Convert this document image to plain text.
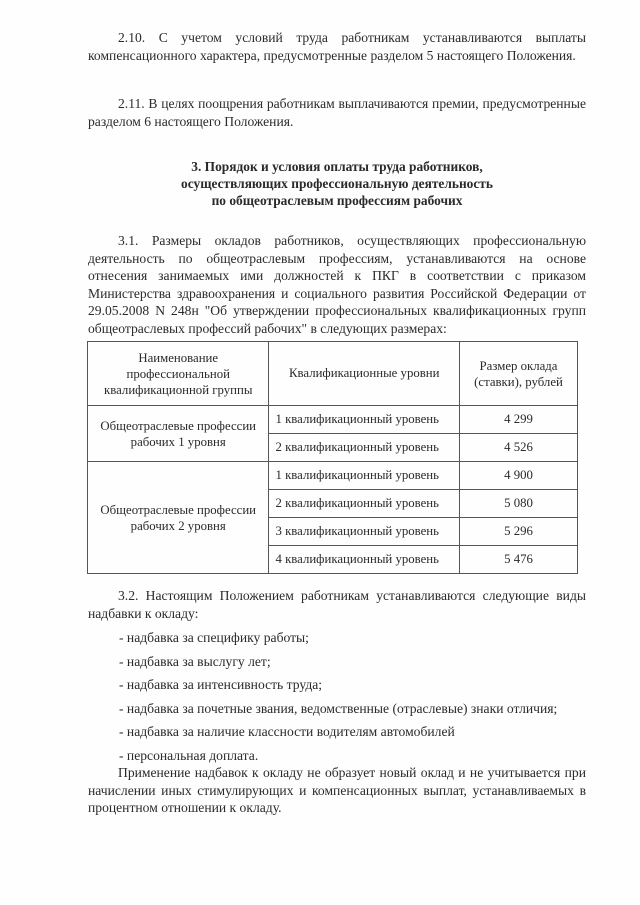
2.10. С учетом условий труда работникам устанавливаются выплаты компенсационного характера, предусмотренные разделом 5 настоящего Положения.

2.11. В целях поощрения работникам выплачиваются премии, предусмотренные разделом 6 настоящего Положения.

3. Порядок и условия оплаты труда работников,
осуществляющих профессиональную деятельность
по общеотраслевым профессиям рабочих

3.1. Размеры окладов работников, осуществляющих профессиональную деятельность по общеотраслевым профессиям, устанавливаются на основе отнесения занимаемых ими должностей к ПКГ в соответствии с приказом Министерства здравоохранения и социального развития Российской Федерации от 29.05.2008 N 248н "Об утверждении профессиональных квалификационных групп общеотраслевых профессий рабочих" в следующих размерах:

Наименование профессиональной квалификационной группы	Квалификационные уровни	Размер оклада (ставки), рублей
Общеотраслевые профессии рабочих 1 уровня	1 квалификационный уровень	4 299
	2 квалификационный уровень	4 526
Общеотраслевые профессии рабочих 2 уровня	1 квалификационный уровень	4 900
	2 квалификационный уровень	5 080
	3 квалификационный уровень	5 296
	4 квалификационный уровень	5 476

3.2. Настоящим Положением работникам устанавливаются следующие виды надбавки к окладу:

- надбавка за специфику работы;
- надбавка за выслугу лет;
- надбавка за интенсивность труда;
- надбавка за почетные звания, ведомственные (отраслевые) знаки отличия;
- надбавка за наличие классности водителям автомобилей
- персональная доплата.

Применение надбавок к окладу не образует новый оклад и не учитывается при начислении иных стимулирующих и компенсационных выплат, устанавливаемых в процентном отношении к окладу.
